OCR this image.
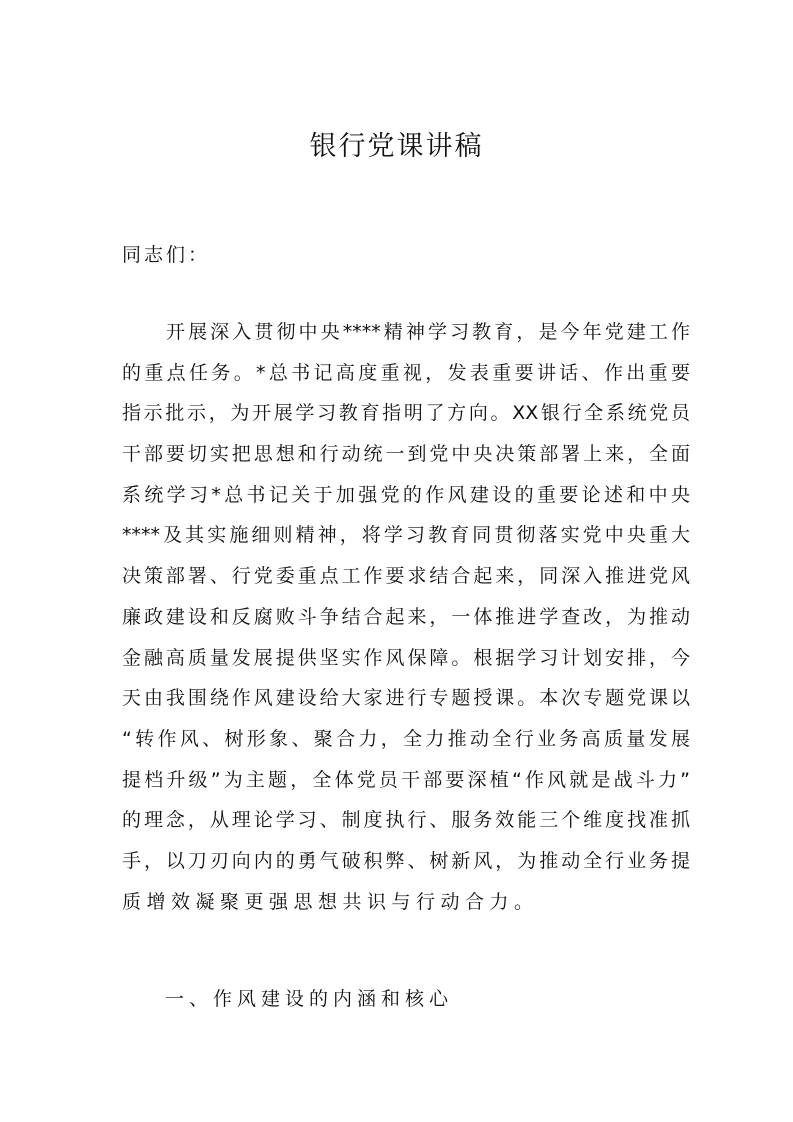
银行党课讲稿
同志们：
开展深入贯彻中央****精神学习教育，是今年党建工作
的重点任务。*总书记高度重视，发表重要讲话、作出重要
指示批示，为开展学习教育指明了方向。XX银行全系统党员
干部要切实把思想和行动统一到党中央决策部署上来，全面
系统学习*总书记关于加强党的作风建设的重要论述和中央
****及其实施细则精神，将学习教育同贯彻落实党中央重大
决策部署、行党委重点工作要求结合起来，同深入推进党风
廉政建设和反腐败斗争结合起来，一体推进学查改，为推动
金融高质量发展提供坚实作风保障。根据学习计划安排，今
天由我围绕作风建设给大家进行专题授课。本次专题党课以
“转作风、树形象、聚合力，全力推动全行业务高质量发展
提档升级”为主题，全体党员干部要深植“作风就是战斗力”
的理念，从理论学习、制度执行、服务效能三个维度找准抓
手，以刀刃向内的勇气破积弊、树新风，为推动全行业务提
质增效凝聚更强思想共识与行动合力。
一、作风建设的内涵和核心
